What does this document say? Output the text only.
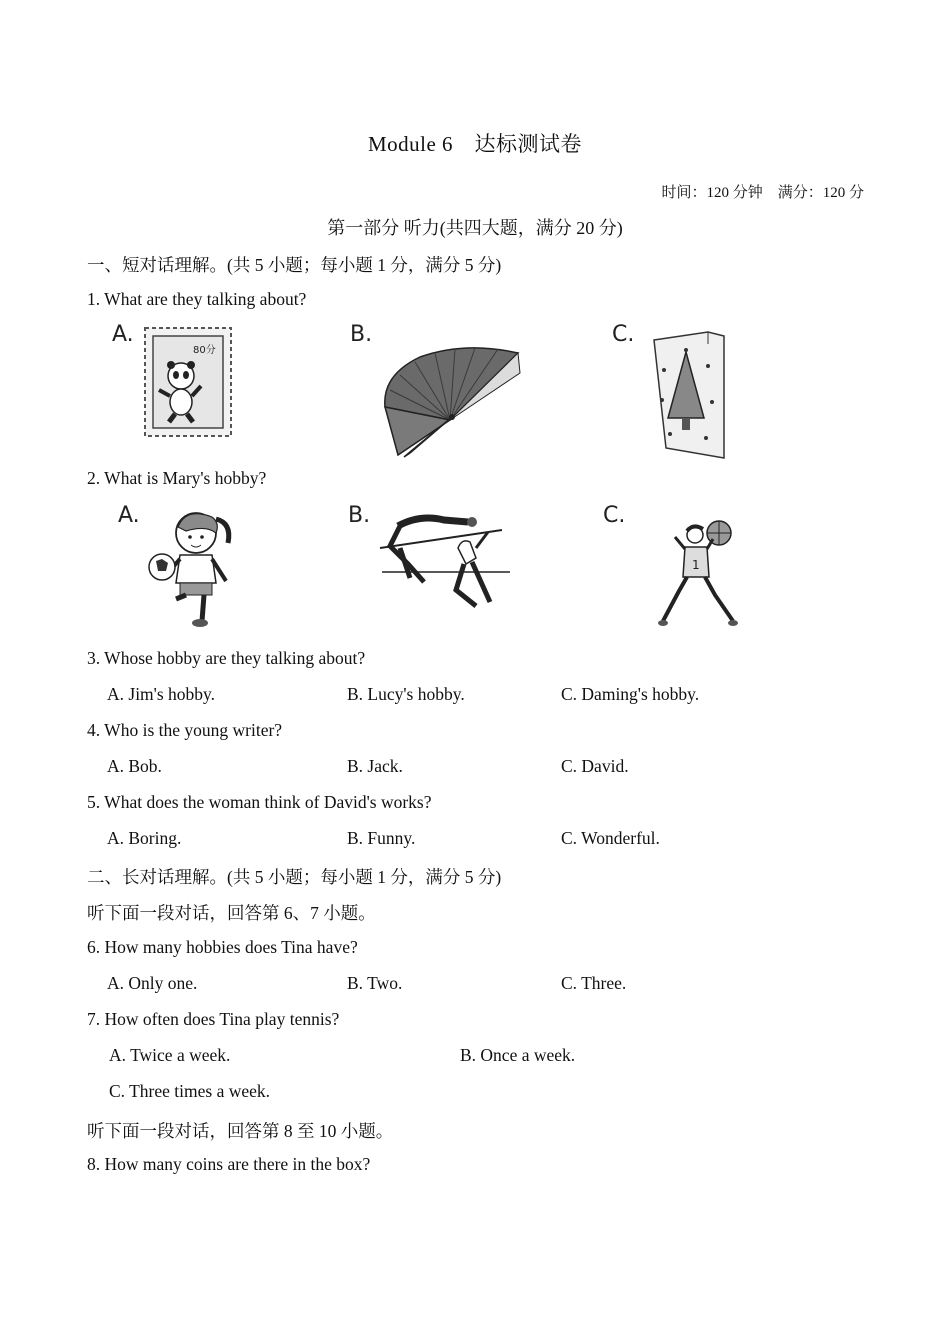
Module 6　达标测试卷
时间：120 分钟　满分：120 分
第一部分 听力(共四大题，满分 20 分)
一、短对话理解。(共 5 小题；每小题 1 分，满分 5 分)
1. What are they talking about?
A.	B.	C.
80分
2. What is Mary's hobby?
A.	B.	C.
1
3. Whose hobby are they talking about?
A. Jim's hobby.	B. Lucy's hobby.	C. Daming's hobby.
4. Who is the young writer?
A. Bob.	B. Jack.	C. David.
5. What does the woman think of David's works?
A. Boring.	B. Funny.	C. Wonderful.
二、长对话理解。(共 5 小题；每小题 1 分，满分 5 分)
听下面一段对话，回答第 6、7 小题。
6. How many hobbies does Tina have?
A. Only one.	B. Two.	C. Three.
7. How often does Tina play tennis?
A. Twice a week.	B. Once a week.
C. Three times a week.
听下面一段对话，回答第 8 至 10 小题。
8. How many coins are there in the box?
